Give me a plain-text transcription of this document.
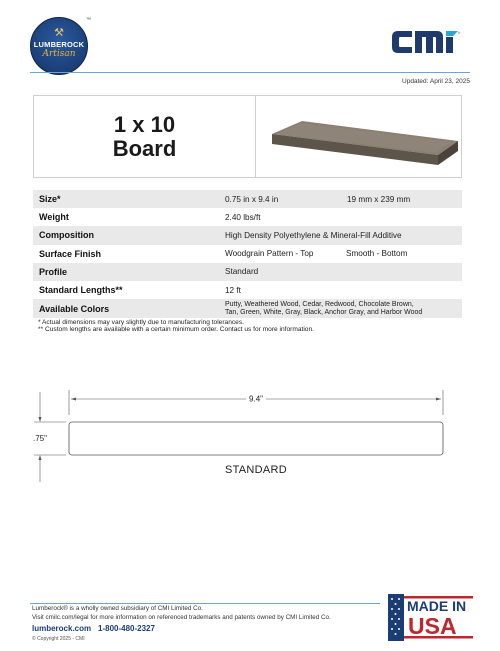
⚒
LUMBEROCK
Artisan
™
®
Updated: April 23, 2025
1 x 10
Board
Size*	0.75 in x 9.4 in	19 mm x 239 mm
Weight	2.40 lbs/ft
Composition	High Density Polyethylene & Mineral-Fill Additive
Surface Finish	Woodgrain Pattern - Top	Smooth - Bottom
Profile	Standard
Standard Lengths**	12 ft
Available Colors	Putty, Weathered Wood, Cedar, Redwood, Chocolate Brown,
Tan, Green, White, Gray, Black, Anchor Gray, and Harbor Wood
* Actual dimensions may vary slightly due to manufacturing tolerances.
** Custom lengths are available with a certain minimum order. Contact us for more information.
9.4"
.75"
STANDARD
Lumberock® is a wholly owned subsidiary of CMI Limited Co.
Visit cmilc.com/legal for more information on referenced trademarks and patents owned by CMI Limited Co.
lumberock.com 1-800-480-2327
© Copyright 2025 - CMI
MADE IN
USA
